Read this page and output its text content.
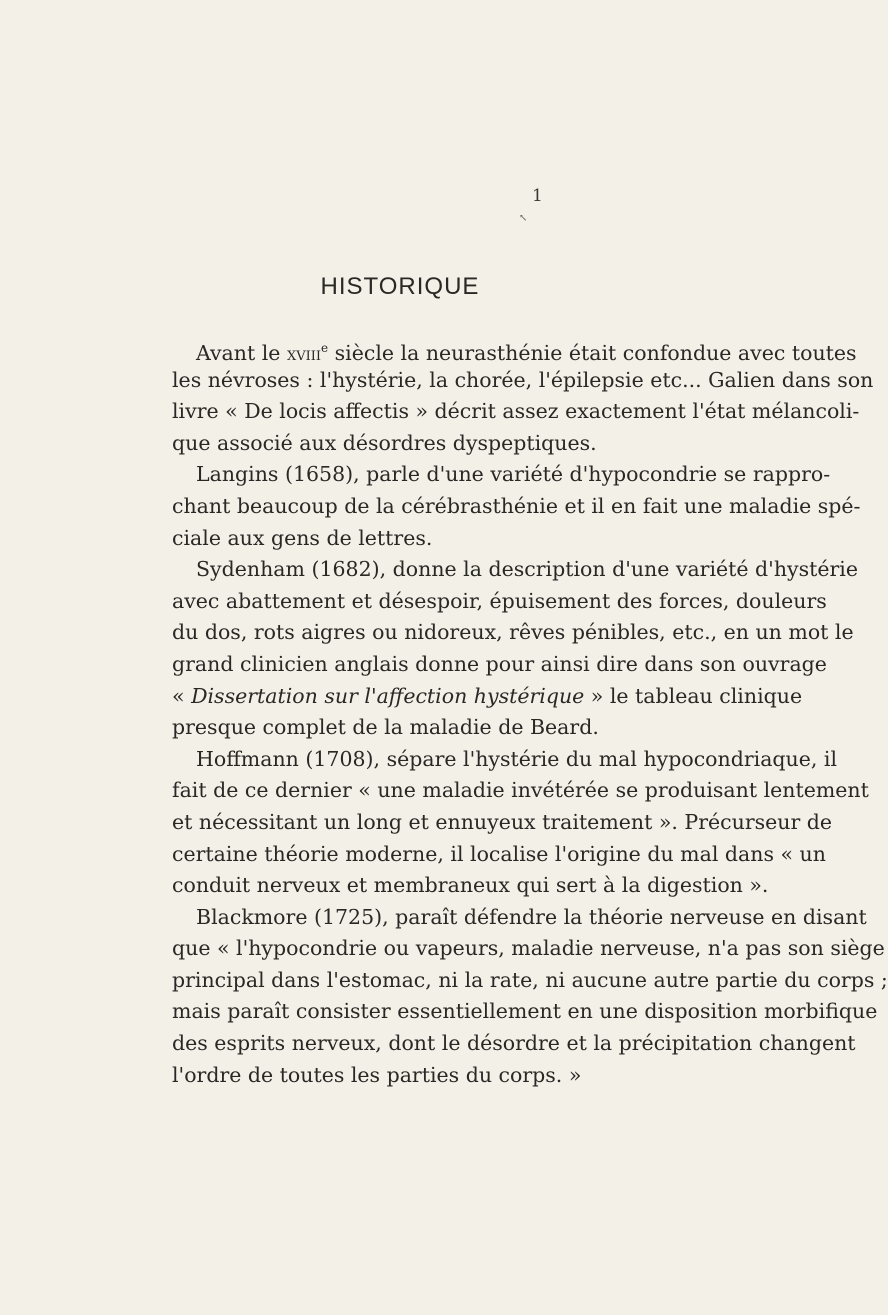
1
↖
HISTORIQUE
Avant le xviii$^e$ siècle la neurasthénie était confondue avec toutes
les névroses : l'hystérie, la chorée, l'épilepsie etc... Galien dans son
livre « De locis affectis » décrit assez exactement l'état mélancoli-
que associé aux désordres dyspeptiques.
Langins (1658), parle d'une variété d'hypocondrie se rappro-
chant beaucoup de la cérébrasthénie et il en fait une maladie spé-
ciale aux gens de lettres.
Sydenham (1682), donne la description d'une variété d'hystérie
avec abattement et désespoir, épuisement des forces, douleurs
du dos, rots aigres ou nidoreux, rêves pénibles, etc., en un mot le
grand clinicien anglais donne pour ainsi dire dans son ouvrage
« Dissertation sur l'affection hystérique » le tableau clinique
presque complet de la maladie de Beard.
Hoffmann (1708), sépare l'hystérie du mal hypocondriaque, il
fait de ce dernier « une maladie invétérée se produisant lentement
et nécessitant un long et ennuyeux traitement ». Précurseur de
certaine théorie moderne, il localise l'origine du mal dans « un
conduit nerveux et membraneux qui sert à la digestion ».
Blackmore (1725), paraît défendre la théorie nerveuse en disant
que « l'hypocondrie ou vapeurs, maladie nerveuse, n'a pas son siège
principal dans l'estomac, ni la rate, ni aucune autre partie du corps ;
mais paraît consister essentiellement en une disposition morbifique
des esprits nerveux, dont le désordre et la précipitation changent
l'ordre de toutes les parties du corps. »
